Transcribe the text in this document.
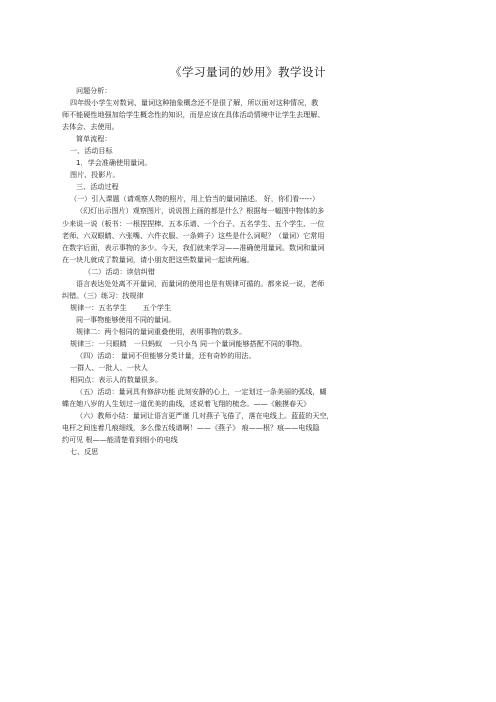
《学习量词的妙用》教学设计
问题分析：
四年级小学生对数词、量词这种抽象概念还不是很了解，所以面对这种情况，教
师不能硬性地强加给学生概念性的知识，而是应该在具体活动情境中让学生去理解、
去体会、去使用。
简单流程：
一、活动目标
1．学会准确使用量词。
图片、投影片。
三、活动过程
（一）引入课题（请观察人物的照片，用上恰当的量词描述。 好，你们看-----）
（幻灯出示图片）观察图片，说说图上画的都是什么？根据每一幅图中物体的多
少来说一说（板书：一根捏捏棒、五本乐谱、一个台子、五名学生、五个学生、一位
老师、六双眼睛、六张嘴、六件衣服、一条辫子）这些是什么词呢？（量词）它常用
在数字后面，表示事物的多少。今天，我们就来学习——准确使用量词。数词和量词
在一块儿就成了数量词，请小朋友把这些数量词一起读两遍。
（二）活动：读信纠错
语言表达处处离不开量词，而量词的使用也是有规律可循的。都来说一说，老师
纠错。（三）练习：找规律
规律一：五名学生 五个学生
同一事物能够使用不同的量词。
规律二：两个相同的量词重叠使用，表明事物的数多。
规律三：一只眼睛　一只蚂蚁　一只小鸟 同一个量词能够搭配不同的事物。
（四）活动： 量词不但能够分类计量，还有奇妙的用法。
一群人、一批人、一伙人
相同点：表示人的数量很多。
（五）活动：量词具有修辞功能 此刻安静的心上，一定划过一条美丽的弧线，蝴
蝶在她八岁的人生划过一道优美的曲线，述说着飞翔的梳念。——《触摸春天》
（六）教师小结：量词让语言更严谨 几对燕子飞倦了，落在电线上。蓝蓝的天空，
电杆之间连着几痕细线，多么像五线谱啊！——《燕子》 痕——根？痕——电线隐
约可见 根——能清楚看到细小的电线
七、反思
